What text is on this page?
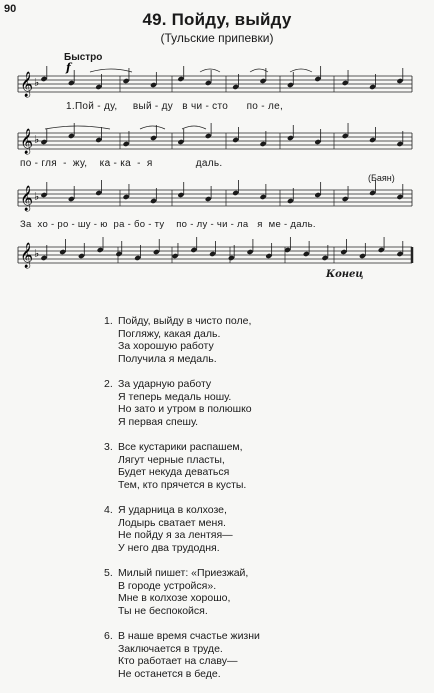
90
49. Пойду, выйду
(Тульские припевки)
Быстро
(Баян)
Конец
𝄞 ♭
𝄞 ♭
𝄞 ♭
𝄞 ♭
f
1.Пой - ду,     вый - ду   в чи - сто      по - ле,
по - гля  -  жу,    ка - ка  -  я              даль.
За  хо - ро - шу - ю  ра - бо - ту    по - лу - чи - ла   я  ме - даль.
1. Пойду, выйду в чисто поле,
Погляжу, какая даль.
За хорошую работу
Получила я медаль.
2. За ударную работу
Я теперь медаль ношу.
Но зато и утром в полюшко
Я первая спешу.
3. Все кустарики распашем,
Лягут черные пласты,
Будет некуда деваться
Тем, кто прячется в кусты.
4. Я ударница в колхозе,
Лодырь сватает меня.
Не пойду я за лентяя—
У него два трудодня.
5. Милый пишет: «Приезжай,
В городе устройся».
Мне в колхозе хорошо,
Ты не беспокойся.
6. В наше время счастье жизни
Заключается в труде.
Кто работает на славу—
Не останется в беде.
